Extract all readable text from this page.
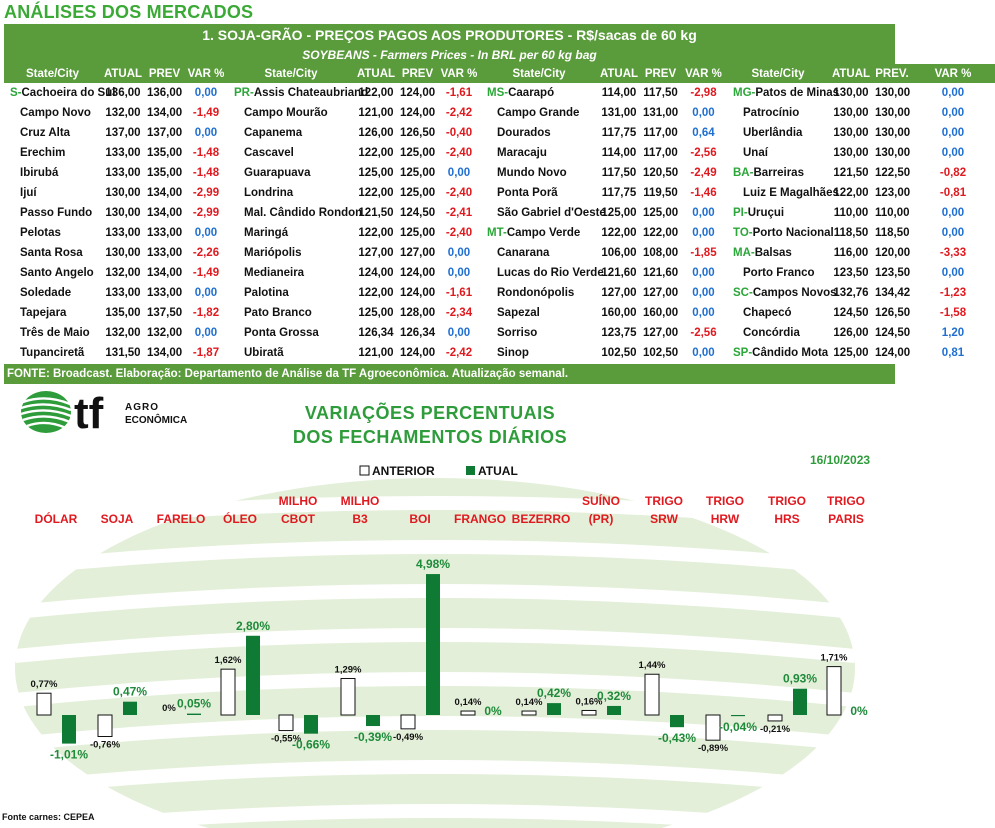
ANÁLISES DOS MERCADOS
1. SOJA-GRÃO - PREÇOS PAGOS AOS PRODUTORES - R$/sacas de 60 kg
SOYBEANS - Farmers Prices - In BRL per 60 kg bag
State/City	ATUAL	PREV	VAR %	State/City	ATUAL	PREV	VAR %	State/City	ATUAL	PREV	VAR %	State/City	ATUAL	PREV.	VAR %
S-Cachoeira do Sul	136,00	136,00	0,00	PR-Assis Chateaubriand	122,00	124,00	-1,61	MS-Caarapó	114,00	117,50	-2,98	MG-Patos de Minas	130,00	130,00	0,00
Campo Novo	132,00	134,00	-1,49	Campo Mourão	121,00	124,00	-2,42	Campo Grande	131,00	131,00	0,00	Patrocínio	130,00	130,00	0,00
Cruz Alta	137,00	137,00	0,00	Capanema	126,00	126,50	-0,40	Dourados	117,75	117,00	0,64	Uberlândia	130,00	130,00	0,00
Erechim	133,00	135,00	-1,48	Cascavel	122,00	125,00	-2,40	Maracaju	114,00	117,00	-2,56	Unaí	130,00	130,00	0,00
Ibirubá	133,00	135,00	-1,48	Guarapuava	125,00	125,00	0,00	Mundo Novo	117,50	120,50	-2,49	BA-Barreiras	121,50	122,50	-0,82
Ijuí	130,00	134,00	-2,99	Londrina	122,00	125,00	-2,40	Ponta Porã	117,75	119,50	-1,46	Luiz E Magalhães	122,00	123,00	-0,81
Passo Fundo	130,00	134,00	-2,99	Mal. Cândido Rondon	121,50	124,50	-2,41	São Gabriel d'Oeste	125,00	125,00	0,00	PI-Uruçui	110,00	110,00	0,00
Pelotas	133,00	133,00	0,00	Maringá	122,00	125,00	-2,40	MT-Campo Verde	122,00	122,00	0,00	TO-Porto Nacional	118,50	118,50	0,00
Santa Rosa	130,00	133,00	-2,26	Mariópolis	127,00	127,00	0,00	Canarana	106,00	108,00	-1,85	MA-Balsas	116,00	120,00	-3,33
Santo Angelo	132,00	134,00	-1,49	Medianeira	124,00	124,00	0,00	Lucas do Rio Verde	121,60	121,60	0,00	Porto Franco	123,50	123,50	0,00
Soledade	133,00	133,00	0,00	Palotina	122,00	124,00	-1,61	Rondonópolis	127,00	127,00	0,00	SC-Campos Novos	132,76	134,42	-1,23
Tapejara	135,00	137,50	-1,82	Pato Branco	125,00	128,00	-2,34	Sapezal	160,00	160,00	0,00	Chapecó	124,50	126,50	-1,58
Três de Maio	132,00	132,00	0,00	Ponta Grossa	126,34	126,34	0,00	Sorriso	123,75	127,00	-2,56	Concórdia	126,00	124,50	1,20
Tupanciretã	131,50	134,00	-1,87	Ubiratã	121,00	124,00	-2,42	Sinop	102,50	102,50	0,00	SP-Cândido Mota	125,00	124,00	0,81
FONTE: Broadcast. Elaboração: Departamento de Análise da TF Agroeconômica. Atualização semanal.
tf AGRO
ECONÔMICA	VARIAÇÕES PERCENTUAIS
DOS FECHAMENTOS DIÁRIOS
16/10/2023
ANTERIOR	ATUAL
DÓLAR SOJA FARELO ÓLEO
MILHO
CBOT
MILHO
B3	BOI FRANGO BEZERRO
SUÍNO
(PR)
TRIGO
SRW
TRIGO
HRW
TRIGO
HRS
TRIGO
PARIS
0,77%
-1,01%
-0,76%
0,47%
0% 0,05%
1,62%
2,80%
-0,55%
-0,66%
1,29%
-0,39% -0,49%
4,98%
0,14%
0%
0,14%
0,42%
0,16%
0,32%
1,44%
-0,43%
-0,89%
-0,04% -0,21%
0,93%
1,71%
0%
Fonte carnes: CEPEA
